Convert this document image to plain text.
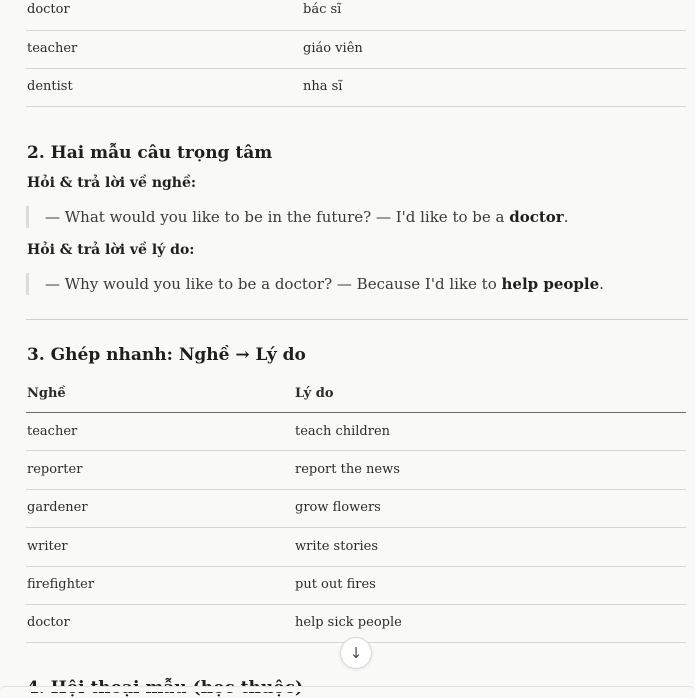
doctor	bác sĩ
teacher	giáo viên
dentist	nha sĩ
2. Hai mẫu câu trọng tâm

Hỏi & trả lời về nghề:

— What would you like to be in the future? — I'd like to be a doctor.

Hỏi & trả lời về lý do:

— Why would you like to be a doctor? — Because I'd like to help people.
3. Ghép nhanh: Nghề → Lý do
Nghề	Lý do
teacher	teach children
reporter	report the news
gardener	grow flowers
writer	write stories
firefighter	put out fires
doctor	help sick people
↓
